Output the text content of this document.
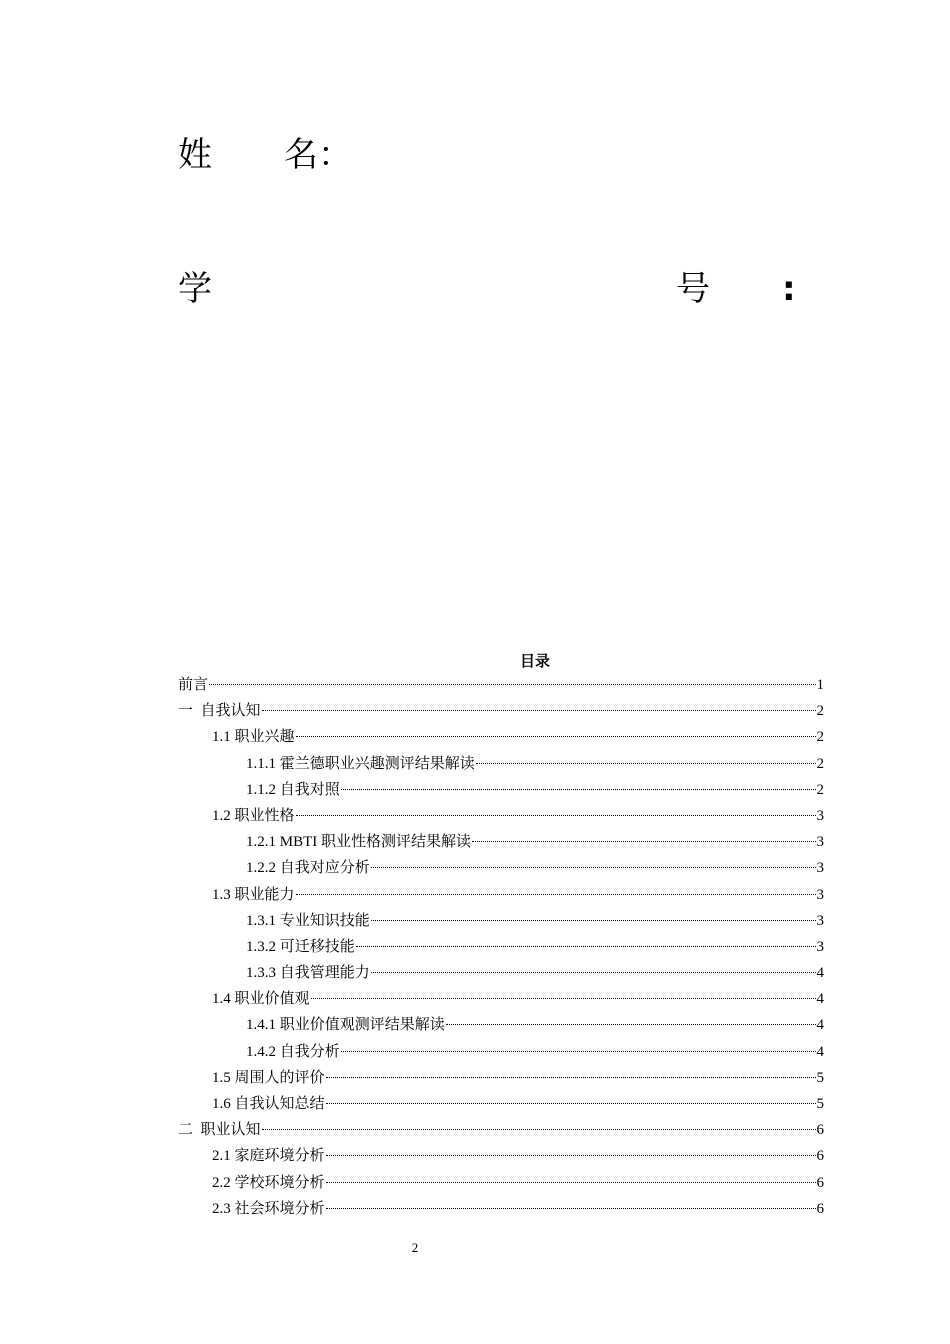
姓 名 ：
学	号 :
目录
前言	1
一  自我认知	2
1.1 职业兴趣	2
1.1.1 霍兰德职业兴趣测评结果解读	2
1.1.2 自我对照	2
1.2 职业性格	3
1.2.1 MBTI 职业性格测评结果解读	3
1.2.2 自我对应分析	3
1.3 职业能力	3
1.3.1 专业知识技能	3
1.3.2 可迁移技能	3
1.3.3 自我管理能力	4
1.4 职业价值观	4
1.4.1 职业价值观测评结果解读	4
1.4.2 自我分析	4
1.5 周围人的评价	5
1.6 自我认知总结	5
二  职业认知	6
2.1 家庭环境分析	6
2.2 学校环境分析	6
2.3 社会环境分析	6
2
